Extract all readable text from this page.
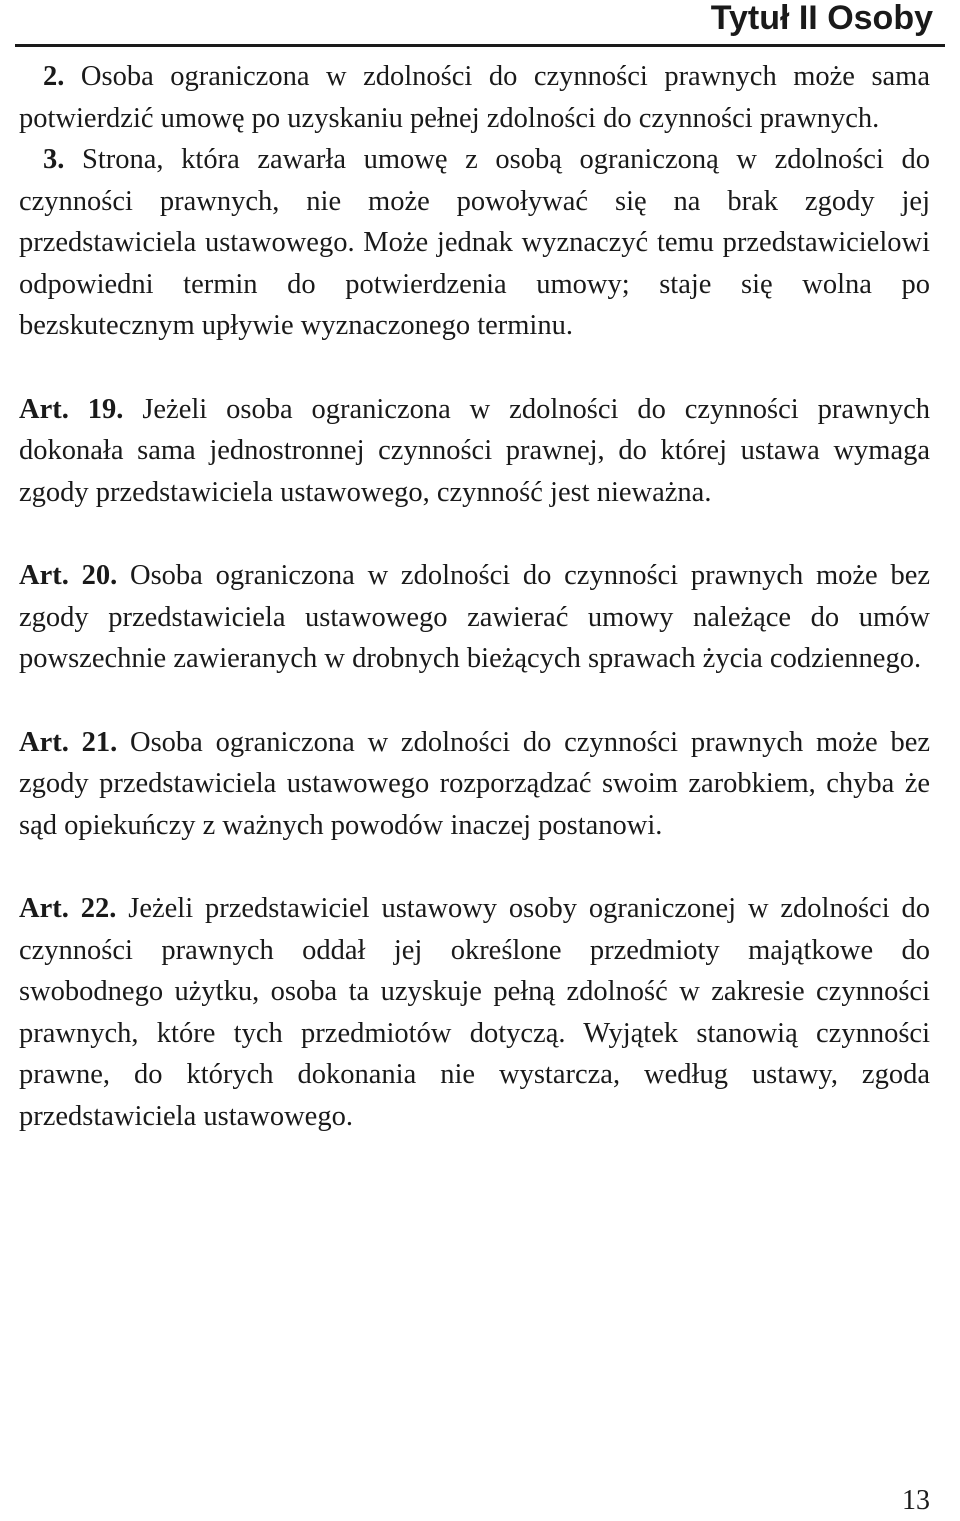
Tytuł II Osoby

2. Osoba ograniczona w zdolności do czynności prawnych może sama potwierdzić umowę po uzyskaniu pełnej zdolności do czynności prawnych.

3. Strona, która zawarła umowę z osobą ograniczoną w zdolności do czynności prawnych, nie może powoływać się na brak zgody jej przedstawiciela ustawowego. Może jednak wyznaczyć temu przedstawicielowi odpowiedni termin do potwierdzenia umowy; staje się wolna po bezskutecznym upływie wyznaczonego terminu.

Art. 19. Jeżeli osoba ograniczona w zdolności do czynności prawnych dokonała sama jednostronnej czynności prawnej, do której ustawa wymaga zgody przedstawiciela ustawowego, czynność jest nieważna.

Art. 20. Osoba ograniczona w zdolności do czynności prawnych może bez zgody przedstawiciela ustawowego zawierać umowy należące do umów powszechnie zawieranych w drobnych bieżących sprawach życia codziennego.

Art. 21. Osoba ograniczona w zdolności do czynności prawnych może bez zgody przedstawiciela ustawowego rozporządzać swoim zarobkiem, chyba że sąd opiekuńczy z ważnych powodów inaczej postanowi.

Art. 22. Jeżeli przedstawiciel ustawowy osoby ograniczonej w zdolności do czynności prawnych oddał jej określone przedmioty majątkowe do swobodnego użytku, osoba ta uzyskuje pełną zdolność w zakresie czynności prawnych, które tych przedmiotów dotyczą. Wyjątek stanowią czynności prawne, do których dokonania nie wystarcza, według ustawy, zgoda przedstawiciela ustawowego.

13
